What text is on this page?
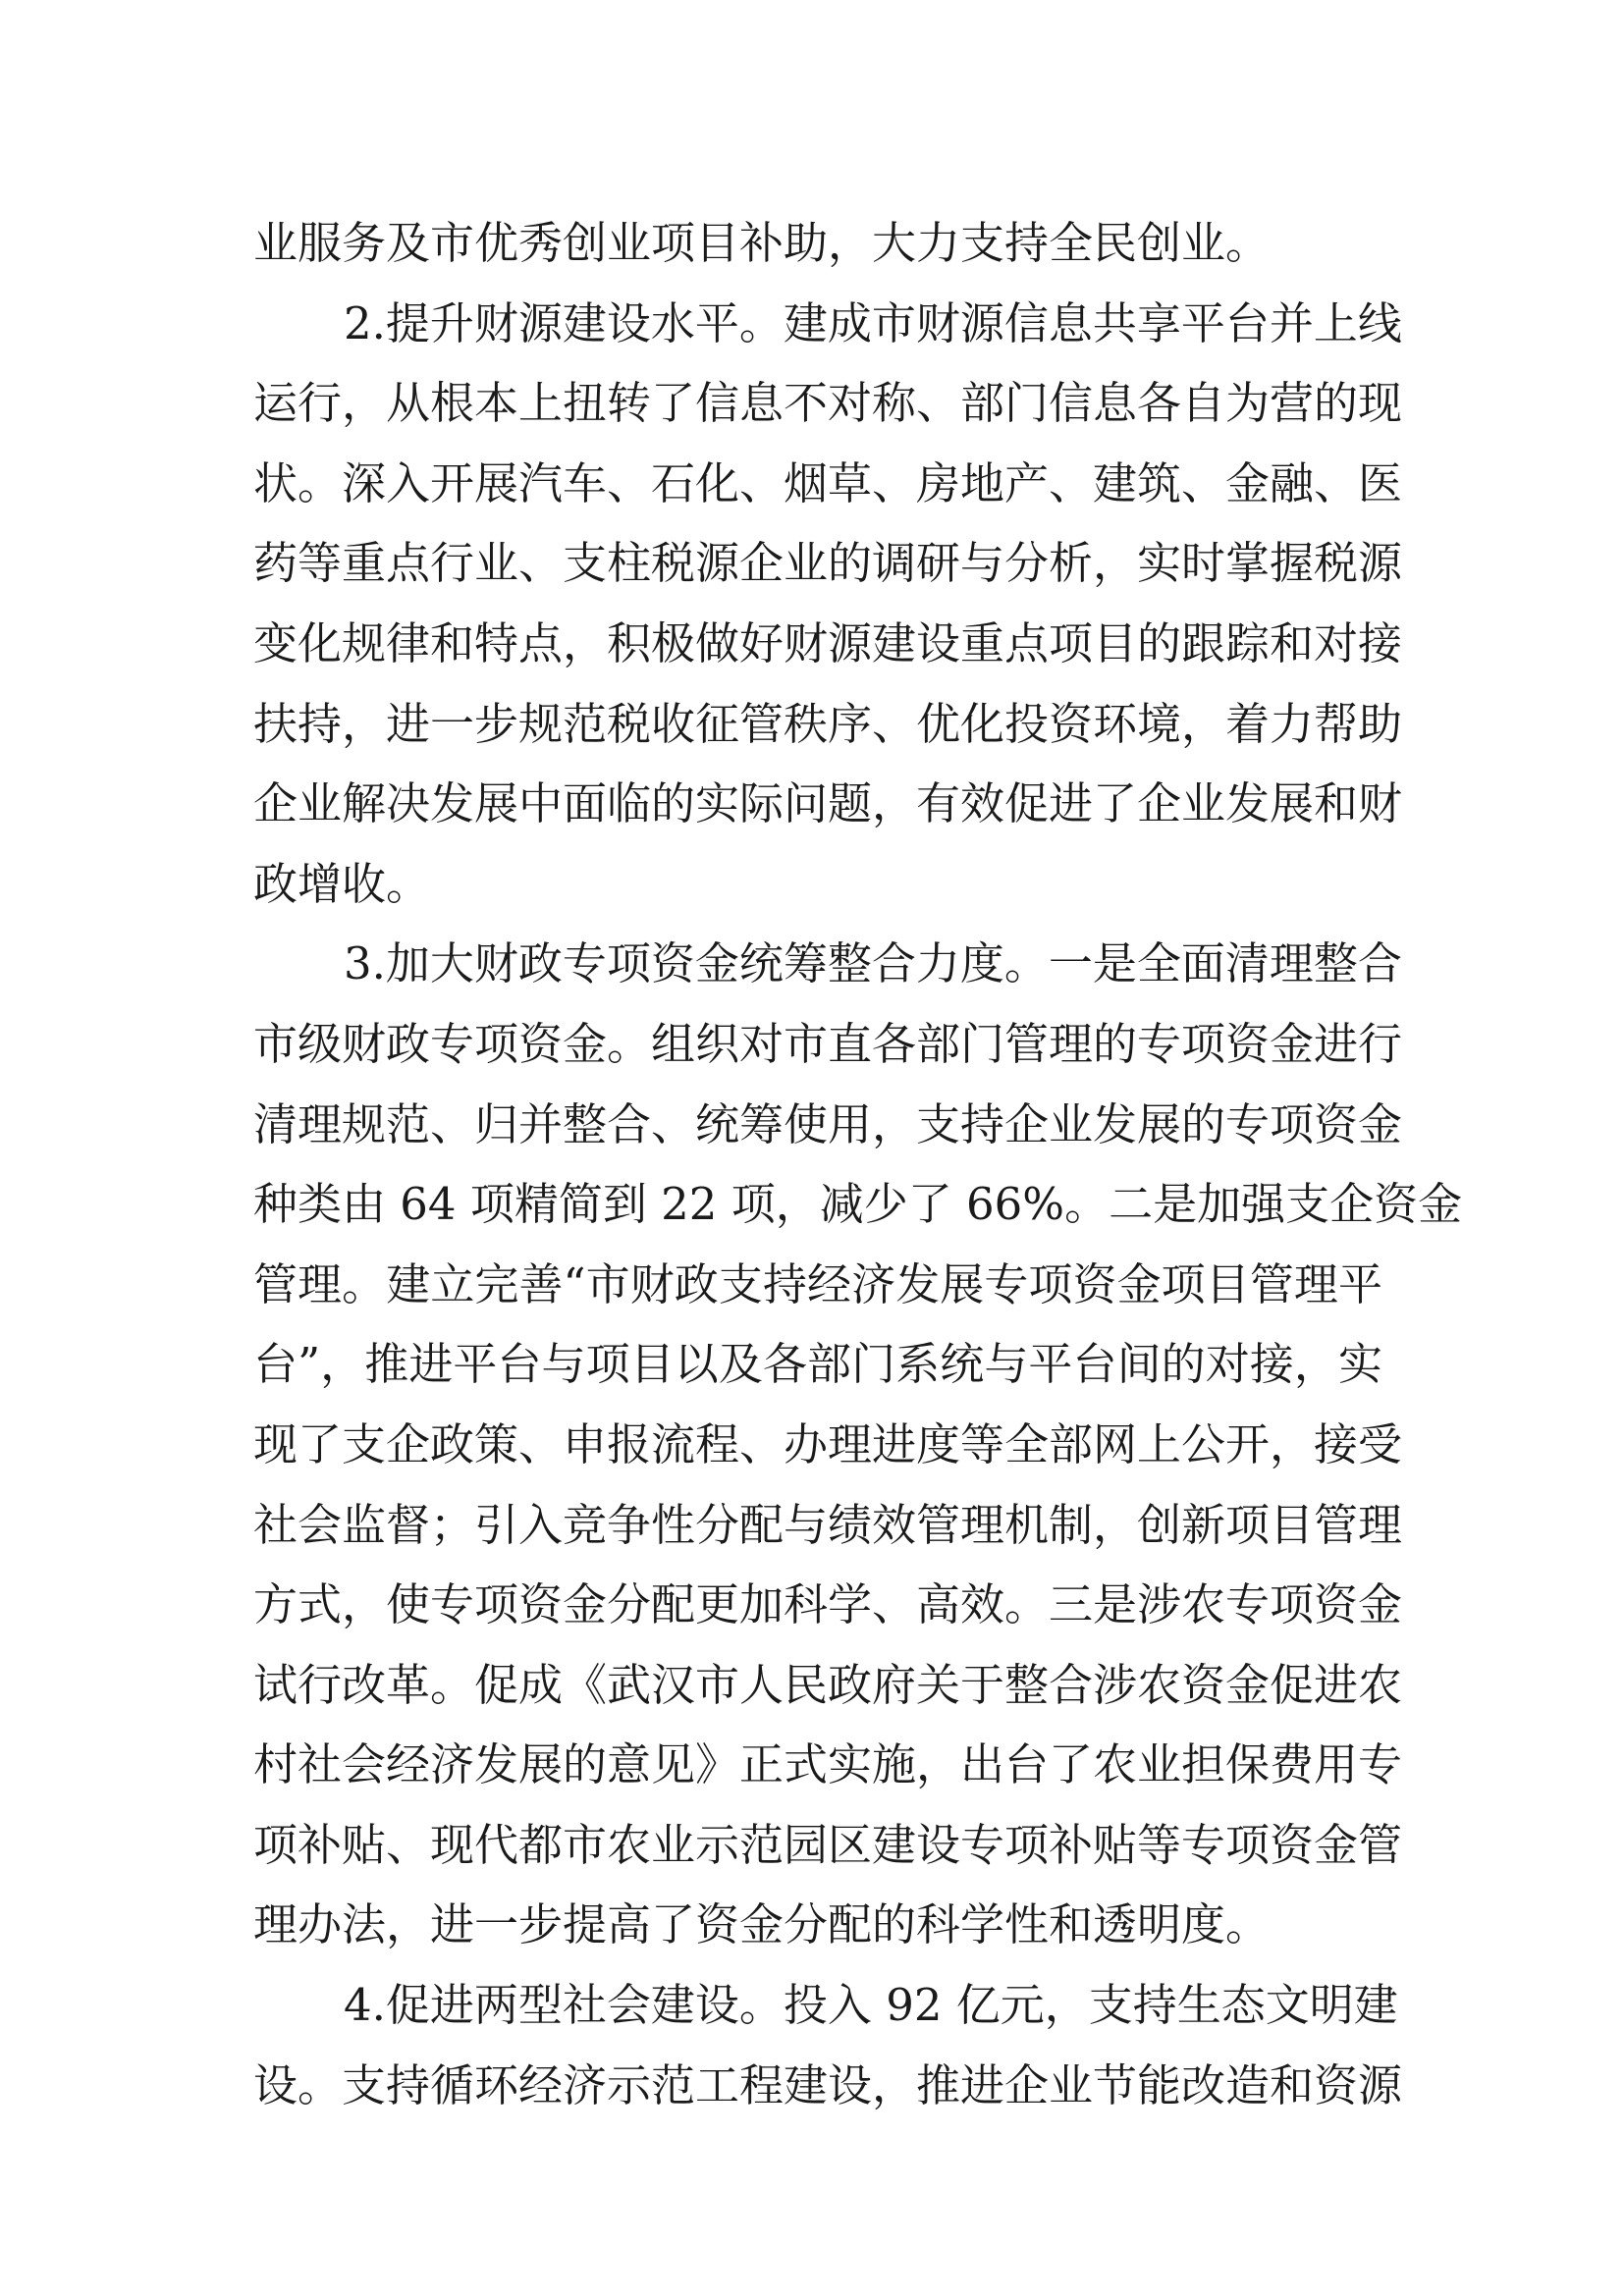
业服务及市优秀创业项目补助，大力支持全民创业。
2.提升财源建设水平。建成市财源信息共享平台并上线
运行，从根本上扭转了信息不对称、部门信息各自为营的现
状。深入开展汽车、石化、烟草、房地产、建筑、金融、医
药等重点行业、支柱税源企业的调研与分析，实时掌握税源
变化规律和特点，积极做好财源建设重点项目的跟踪和对接
扶持，进一步规范税收征管秩序、优化投资环境，着力帮助
企业解决发展中面临的实际问题，有效促进了企业发展和财
政增收。
3.加大财政专项资金统筹整合力度。一是全面清理整合
市级财政专项资金。组织对市直各部门管理的专项资金进行
清理规范、归并整合、统筹使用，支持企业发展的专项资金
种类由 64 项精简到 22 项，减少了 66%。二是加强支企资金
管理。建立完善“市财政支持经济发展专项资金项目管理平
台”，推进平台与项目以及各部门系统与平台间的对接，实
现了支企政策、申报流程、办理进度等全部网上公开，接受
社会监督；引入竞争性分配与绩效管理机制，创新项目管理
方式，使专项资金分配更加科学、高效。三是涉农专项资金
试行改革。促成《武汉市人民政府关于整合涉农资金促进农
村社会经济发展的意见》正式实施，出台了农业担保费用专
项补贴、现代都市农业示范园区建设专项补贴等专项资金管
理办法，进一步提高了资金分配的科学性和透明度。
4.促进两型社会建设。投入 92 亿元，支持生态文明建
设。支持循环经济示范工程建设，推进企业节能改造和资源
